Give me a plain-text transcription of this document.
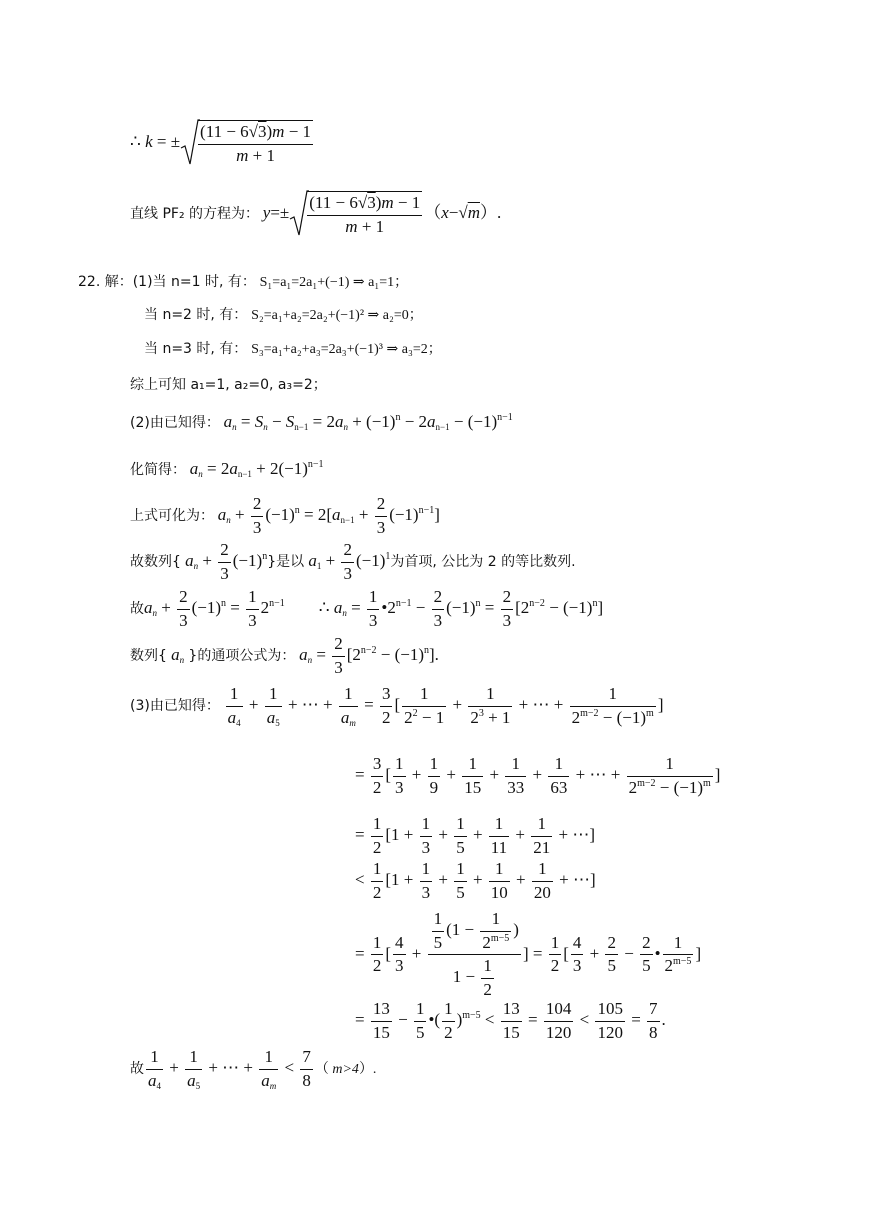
∴ k = ± $\frac{(11 - 6√3)m - 1}{m + 1}$
直线 PF₂ 的方程为： $y=\pm \frac{(11 - 6√3)m - 1}{m + 1} (x-√m)$.
22. 解：(1)当 n=1 时, 有： S₁=a₁=2a₁+(−1) ⇒ a₁=1；
当 n=2 时, 有： S₂=a₁+a₂=2a₂+(−1)² ⇒ a₂=0；
当 n=3 时, 有： S₃=a₁+a₂+a₃=2a₃+(−1)³ ⇒ a₃=2；
综上可知 a₁=1, a₂=0, a₃=2；
(2)由已知得： $a_n = S_n - S_{n-1} = 2a_n + (-1)^n - 2a_{n-1} - (-1)^{n-1}$
化简得： $a_n = 2a_{n-1} + 2(-1)^{n-1}$
上式可化为： $a_n + \frac{2}{3} (-1)^n = 2[a_{n-1} + \frac{2}{3} (-1)^{n-1}]$
故数列{ $a_n + \frac{2}{3} (-1)^n$}是以 $a_1 + \frac{2}{3} (-1)^1$为首项, 公比为 2 的等比数列.
故$a_n + \frac{2}{3} (-1)^n = \frac{1}{3} 2^{n-1}$        ∴ $a_n = \frac{1}{3}$ $•2^{n-1} - \frac{2}{3} (-1)^n = \frac{2}{3} [2^{n-2} - (-1)^n]$
数列{ $a_n$ }的通项公式为： $a_n = \frac{2}{3} [2^{n-2} - (-1)^n]$.
(3)由已知得： $\frac{1}{a_4} + \frac{1}{a_5}$ + ⋯ + $\frac{1}{a_m} = \frac{3}{2}$ [ $\frac{1}{2^2 - 1} + \frac{1}{2^3 + 1}$ + ⋯ + $\frac{1}{2^{m-2} - (-1)^m}$ ]
= $\frac{3}{2}$ [ $\frac{1}{3} + \frac{1}{9} + \frac{1}{15} + \frac{1}{33} + \frac{1}{63}$ + ⋯ + $\frac{1}{2^{m-2} - (-1)^m}$ ]
= $\frac{1}{2} [1 + \frac{1}{3} + \frac{1}{5} + \frac{1}{11} + \frac{1}{21}$ + ⋯]
< $\frac{1}{2} [1 + \frac{1}{3} + \frac{1}{5} + \frac{1}{10} + \frac{1}{20}$ + ⋯]
= $\frac{1}{2}$ [ $\frac{4}{3} + \frac{\frac{1}{5} (1 - \frac{1}{2^{m-5}} )}{1 - \frac{1}{2}}$ ] = $\frac{1}{2}$ [ $\frac{4}{3} + \frac{2}{5} - \frac{2}{5}$ • $\frac{1}{2^{m-5}}$ ]
= $\frac{13}{15} - \frac{1}{5}$ •( $\frac{1}{2} )^{m-5} < \frac{13}{15} = \frac{104}{120} < \frac{105}{120} = \frac{7}{8}$ .
故 $\frac{1}{a_4} + \frac{1}{a_5}$ + ⋯ + $\frac{1}{a_m} < \frac{7}{8}$ （ m>4）.
